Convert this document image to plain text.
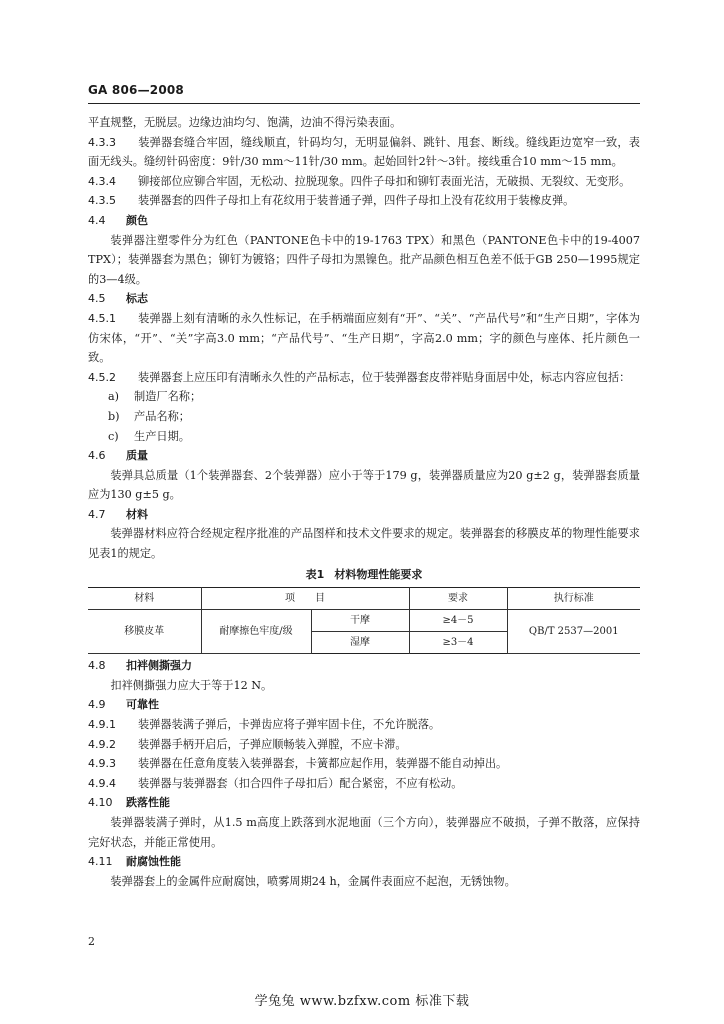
GA 806—2008

平直规整，无脱层。边缘边油均匀、饱满，边油不得污染表面。

4.3.3 装弹器套缝合牢固，缝线顺直，针码均匀，无明显偏斜、跳针、甩套、断线。缝线距边宽窄一致，表面无线头。缝纫针码密度：9针/30 mm～11针/30 mm。起始回针2针～3针。接线重合10 mm～15 mm。

4.3.4 铆接部位应铆合牢固，无松动、拉脱现象。四件子母扣和铆钉表面光洁，无破损、无裂纹、无变形。

4.3.5 装弹器套的四件子母扣上有花纹用于装普通子弹，四件子母扣上没有花纹用于装橡皮弹。

4.4 颜色

装弹器注塑零件分为红色（PANTONE色卡中的19-1763 TPX）和黑色（PANTONE色卡中的19-4007 TPX）；装弹器套为黑色；铆钉为镀铬；四件子母扣为黑镍色。批产品颜色相互色差不低于GB 250—1995规定的3—4级。

4.5 标志

4.5.1 装弹器上刻有清晰的永久性标记，在手柄端面应刻有“开”、“关”、“产品代号”和“生产日期”，字体为仿宋体，“开”、“关”字高3.0 mm；“产品代号”、“生产日期”，字高2.0 mm；字的颜色与座体、托片颜色一致。

4.5.2 装弹器套上应压印有清晰永久性的产品标志，位于装弹器套皮带袢贴身面居中处，标志内容应包括：

a) 制造厂名称；

b) 产品名称；

c) 生产日期。

4.6 质量

装弹具总质量（1个装弹器套、2个装弹器）应小于等于179 g，装弹器质量应为20 g±2 g，装弹器套质量应为130 g±5 g。

4.7 材料

装弹器材料应符合经规定程序批准的产品图样和技术文件要求的规定。装弹器套的移膜皮革的物理性能要求见表1的规定。

表1 材料物理性能要求
材料	项　　目		要求	执行标准
移膜皮革	耐摩擦色牢度/级	干摩	≥4－5	QB/T 2537—2001
		湿摩	≥3－4	
4.8 扣袢侧撕强力

扣袢侧撕强力应大于等于12 N。

4.9 可靠性

4.9.1 装弹器装满子弹后，卡弹齿应将子弹牢固卡住，不允许脱落。

4.9.2 装弹器手柄开启后，子弹应顺畅装入弹膛，不应卡滞。

4.9.3 装弹器在任意角度装入装弹器套，卡簧都应起作用，装弹器不能自动掉出。

4.9.4 装弹器与装弹器套（扣合四件子母扣后）配合紧密，不应有松动。

4.10 跌落性能

装弹器装满子弹时，从1.5 m高度上跌落到水泥地面（三个方向），装弹器应不破损，子弹不散落，应保持完好状态，并能正常使用。

4.11 耐腐蚀性能

装弹器套上的金属件应耐腐蚀，喷雾周期24 h，金属件表面应不起泡，无锈蚀物。

2
学兔兔 www.bzfxw.com 标准下载
